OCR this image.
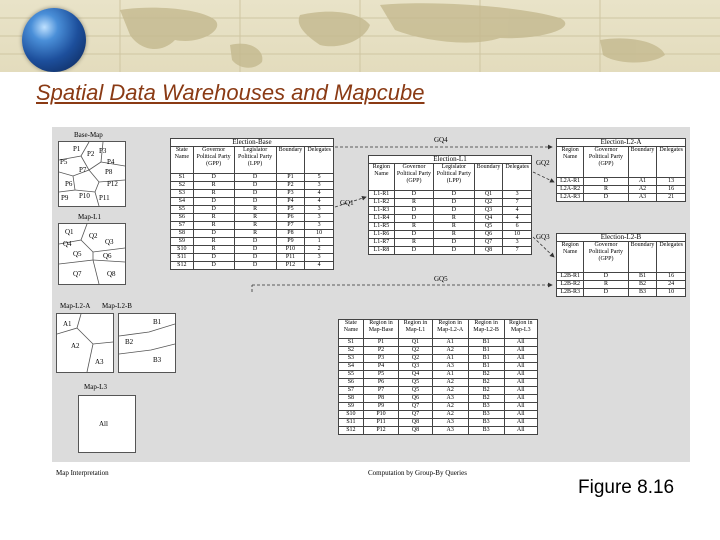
Spatial Data Warehouses and Mapcube
Base-Map
P1
P2 P3
P5	P4
P7	P8
P6	P12
P9 P10 P11
Map-L1
Q1 Q2
Q4	Q3
Q5	Q6
Q7	Q8
Map-L2-A
A1
A2
A3
Map-L2-B
B1
B2
B3
Map-L3
All
Election-Base				
State Name	Governor Political Party (GPP)	Legislator Political Party (LPP)	Boundary	Delegates
S1	D	D	P1	5
S2	R	D	P2	3
S3	R	D	P3	4
S4	D	D	P4	4
S5	D	R	P5	3
S6	R	R	P6	3
S7	R	R	P7	3
S8	D	R	P8	10
S9	R	D	P9	1
S10	R	D	P10	2
S11	D	D	P11	3
S12	D	D	P12	4
Election-L1				
Region Name	Governor Political Party (GPP)	Legislator Political Party (LPP)	Boundary	Delegates
L1-R1	D	D	Q1	3
L1-R2	R	D	Q2	7
L1-R3	D	D	Q3	4
L1-R4	D	R	Q4	4
L1-R5	R	R	Q5	6
L1-R6	D	R	Q6	10
L1-R7	R	D	Q7	3
L1-R8	D	D	Q8	7
Election-L2-A			
Region Name	Governor Political Party (GPP)	Boundary	Delegates
L2A-R1	D	A1	13
L2A-R2	R	A2	16
L2A-R3	D	A3	21
Election-L2-B			
Region Name	Governor Political Party (GPP)	Boundary	Delegates
L2B-R1	D	B1	16
L2B-R2	R	B2	24
L2B-R3	D	B3	10
State Name	Region in Map-Base	Region in Map-L1	Region in Map-L2-A	Region in Map-L2-B	Region in Map-L3
S1	P1	Q1	A1	B1	All
S2	P2	Q2	A2	B1	All
S3	P3	Q2	A1	B1	All
S4	P4	Q3	A3	B1	All
S5	P5	Q4	A1	B2	All
S6	P6	Q5	A2	B2	All
S7	P7	Q5	A2	B2	All
S8	P8	Q6	A3	B2	All
S9	P9	Q7	A2	B3	All
S10	P10	Q7	A2	B3	All
S11	P11	Q8	A3	B3	All
S12	P12	Q8	A3	B3	All
GQ4
GQ1
GQ2
GQ3
GQ5
Map Interpretation	Computation by Group-By Queries
Figure 8.16
